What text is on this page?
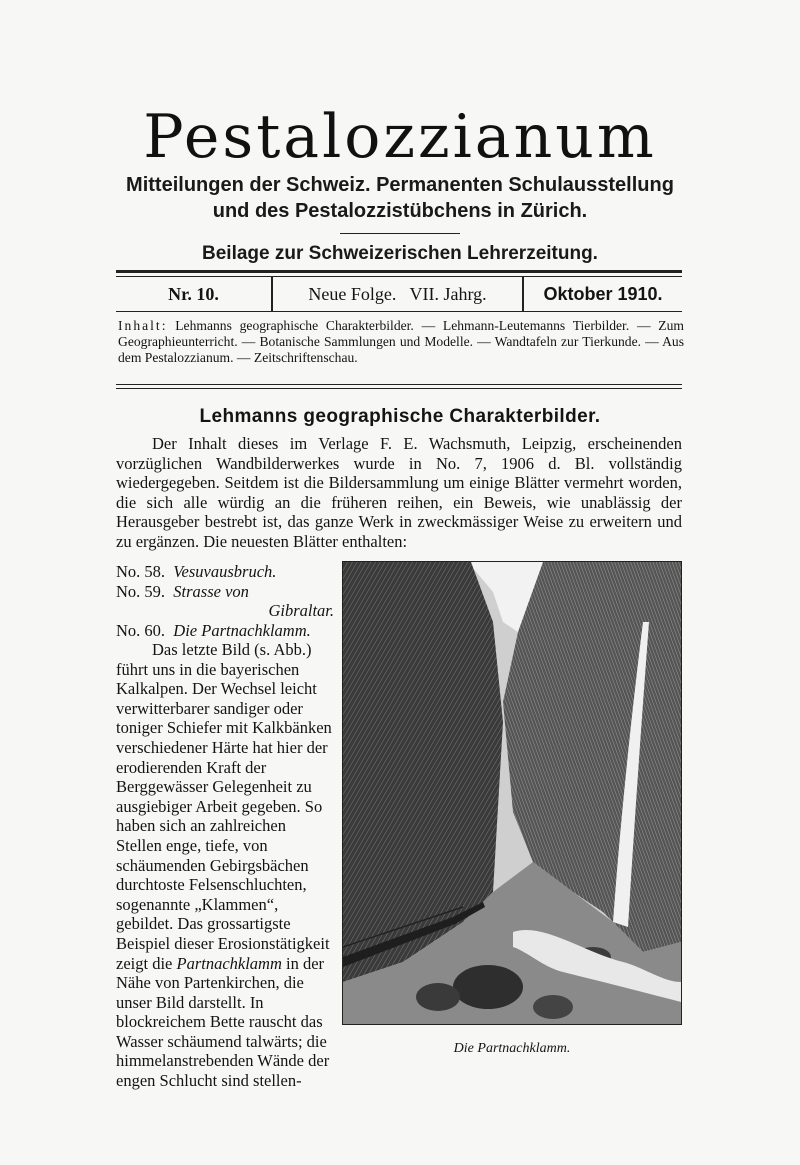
Pestalozzianum
Mitteilungen der Schweiz. Permanenten Schulausstellung
und des Pestalozzistübchens in Zürich.
Beilage zur Schweizerischen Lehrerzeitung.
Nr. 10.	Neue Folge.   VII. Jahrg.	Oktober 1910.
Inhalt: Lehmanns geographische Charakterbilder. — Lehmann-Leutemanns Tierbilder. — Zum Geographieunterricht. — Botanische Sammlungen und Modelle. — Wandtafeln zur Tierkunde. — Aus dem Pestalozzianum. — Zeitschriftenschau.
Lehmanns geographische Charakterbilder.

Der Inhalt dieses im Verlage F. E. Wachsmuth, Leipzig, erscheinenden vorzüglichen Wandbilderwerkes wurde in No. 7, 1906 d. Bl. vollständig wiedergegeben. Seitdem ist die Bildersammlung um einige Blätter vermehrt worden, die sich alle würdig an die früheren reihen, ein Beweis, wie unablässig der Herausgeber bestrebt ist, das ganze Werk in zweckmässiger Weise zu erweitern und zu ergänzen. Die neuesten Blätter enthalten:

No. 58. Vesuvausbruch.
No. 59. Strasse von
Gibraltar.
No. 60. Die Partnachklamm.
Das letzte Bild (s. Abb.) führt uns in die bayerischen Kalkalpen. Der Wechsel leicht verwitterbarer sandiger oder toniger Schiefer mit Kalkbänken verschiedener Härte hat hier der erodierenden Kraft der Berggewässer Gelegenheit zu ausgiebiger Arbeit gegeben. So haben sich an zahlreichen Stellen enge, tiefe, von schäumenden Gebirgsbächen durchtoste Felsenschluchten, sogenannte „Klammen“, gebildet. Das grossartigste Beispiel dieser Erosionstätigkeit zeigt die Partnachklamm in der Nähe von Partenkirchen, die unser Bild darstellt. In blockreichem Bette rauscht das Wasser schäumend talwärts; die himmelanstrebenden Wände der engen Schlucht sind stellen-
Die Partnachklamm.
